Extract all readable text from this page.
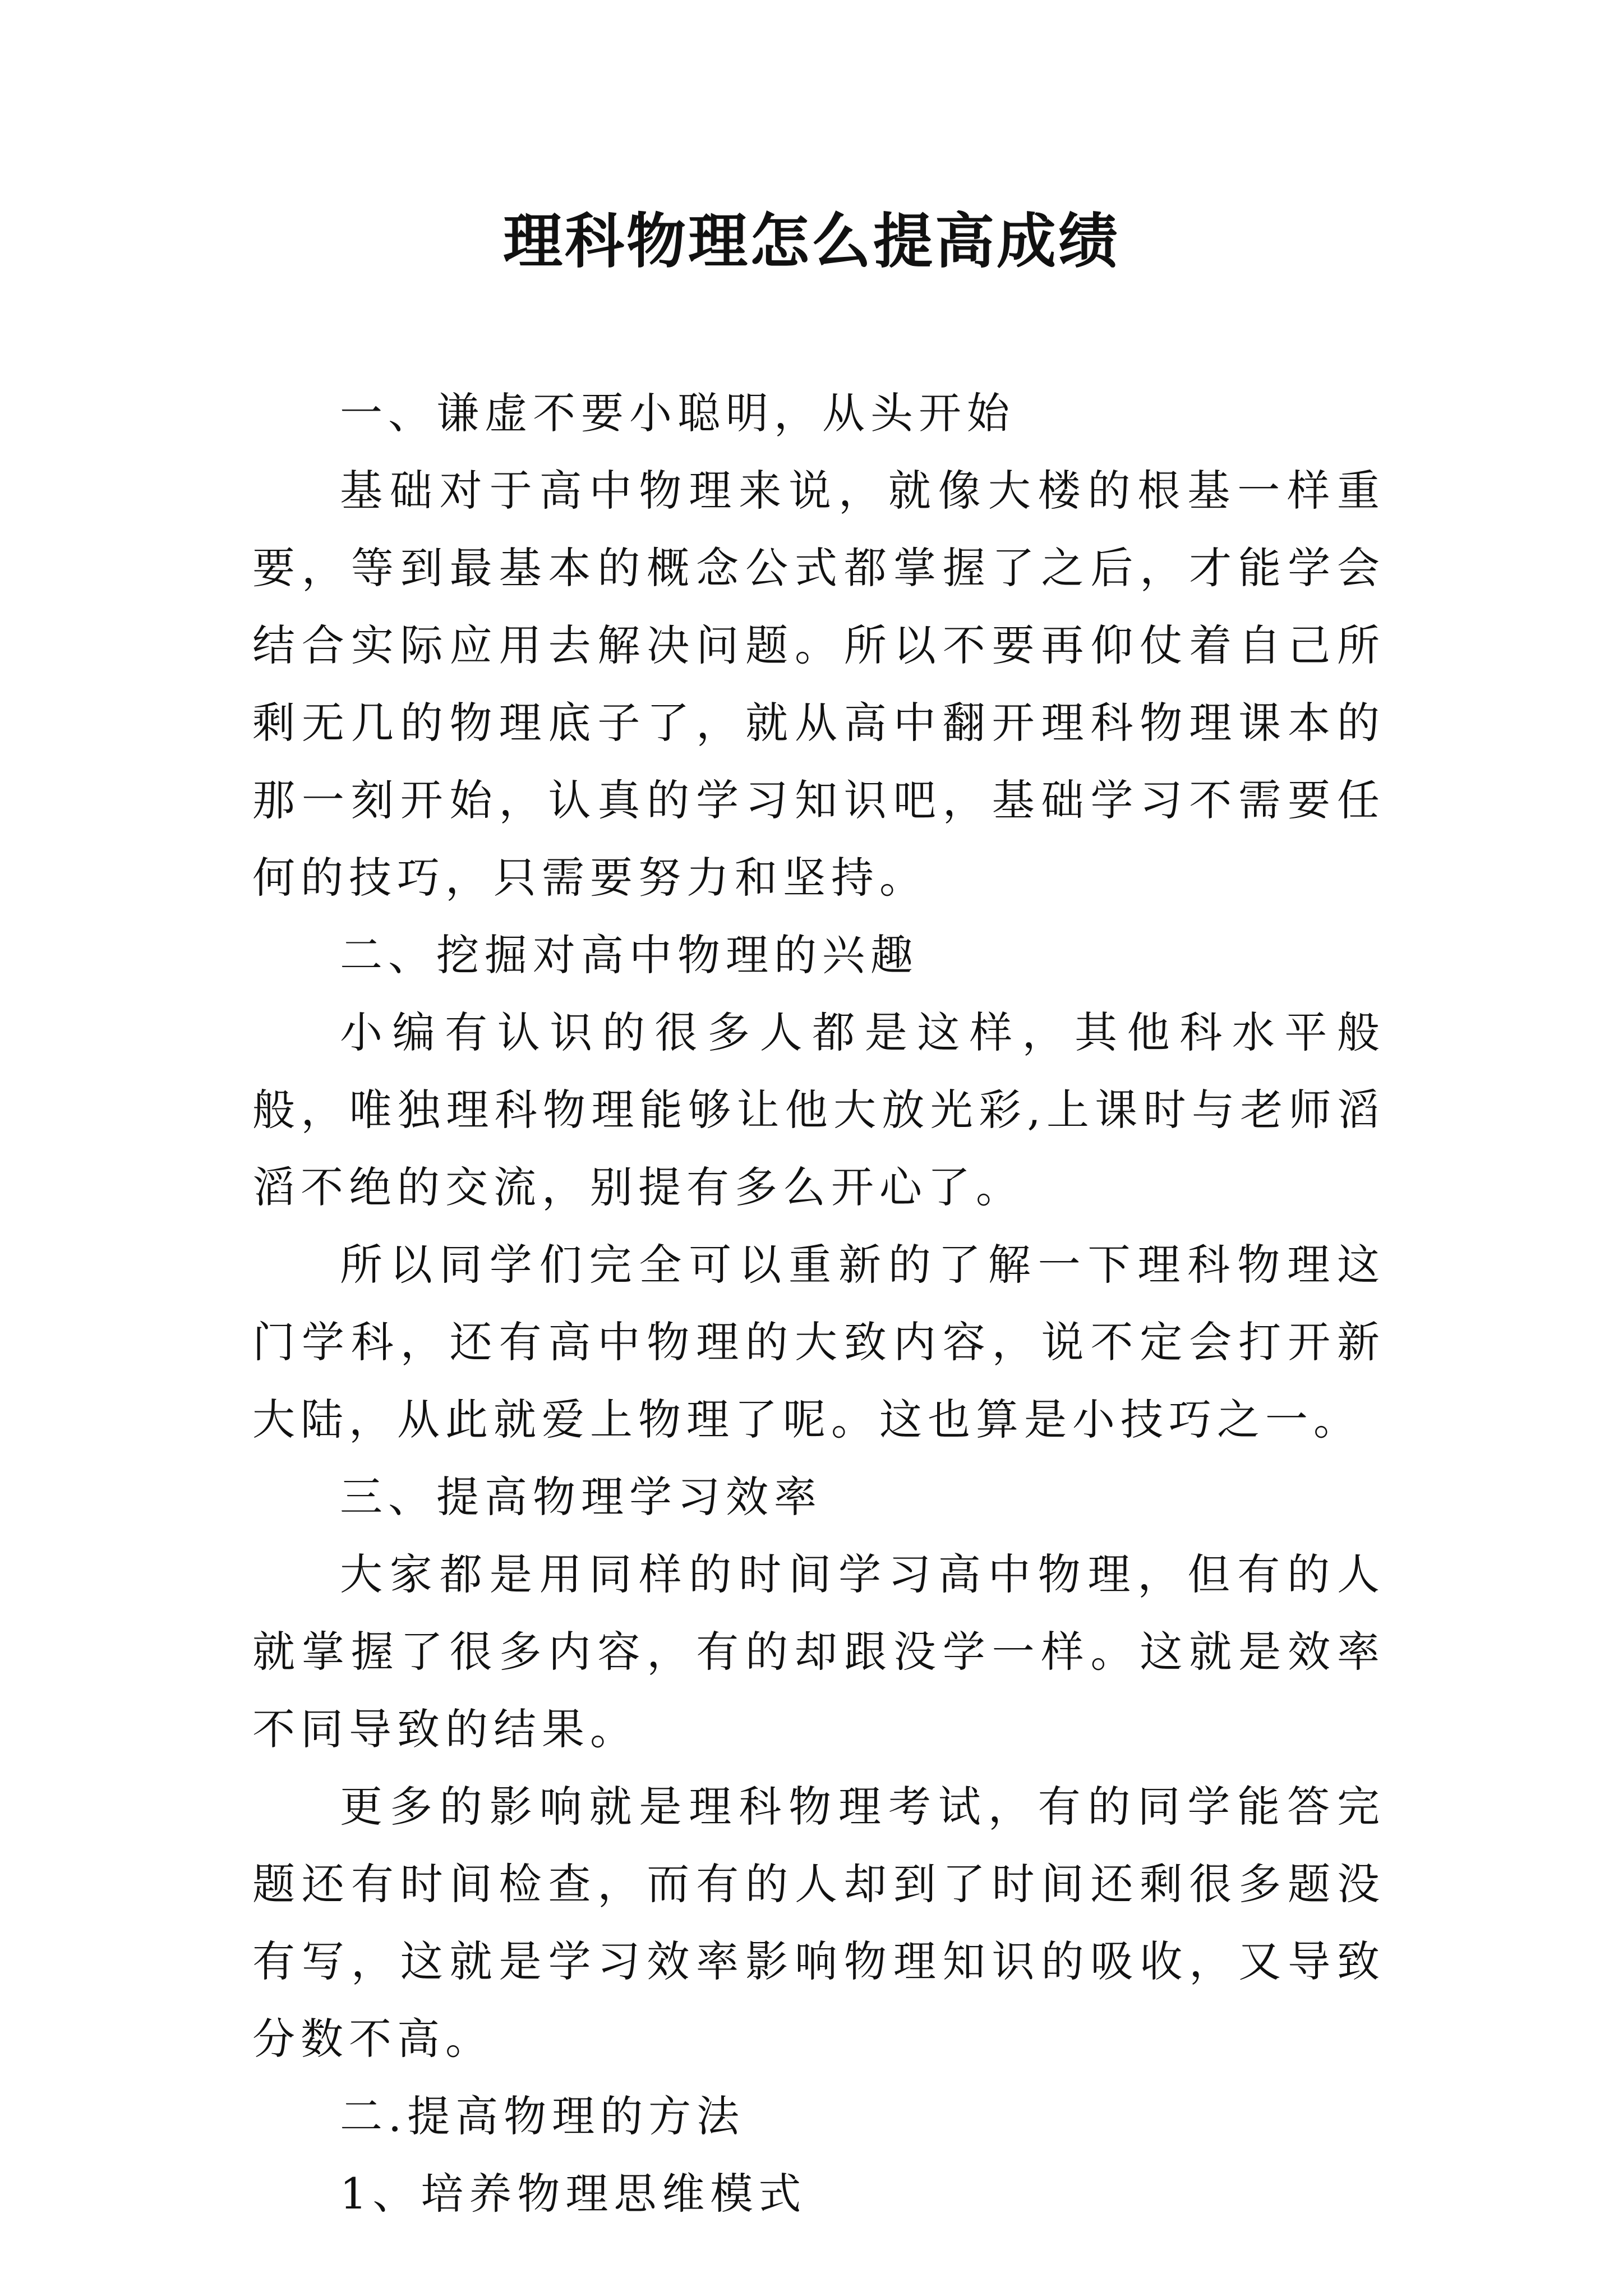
理科物理怎么提高成绩

一、谦虚不要小聪明，从头开始

基础对于高中物理来说，就像大楼的根基一样重要，等到最基本的概念公式都掌握了之后，才能学会结合实际应用去解决问题。所以不要再仰仗着自己所剩无几的物理底子了，就从高中翻开理科物理课本的那一刻开始，认真的学习知识吧，基础学习不需要任何的技巧，只需要努力和坚持。

二、挖掘对高中物理的兴趣

小编有认识的很多人都是这样，其他科水平般般，唯独理科物理能够让他大放光彩,上课时与老师滔滔不绝的交流，别提有多么开心了。

所以同学们完全可以重新的了解一下理科物理这门学科，还有高中物理的大致内容，说不定会打开新大陆，从此就爱上物理了呢。这也算是小技巧之一。

三、提高物理学习效率

大家都是用同样的时间学习高中物理，但有的人就掌握了很多内容，有的却跟没学一样。这就是效率不同导致的结果。

更多的影响就是理科物理考试，有的同学能答完题还有时间检查，而有的人却到了时间还剩很多题没有写，这就是学习效率影响物理知识的吸收，又导致分数不高。

二.提高物理的方法

1、培养物理思维模式
